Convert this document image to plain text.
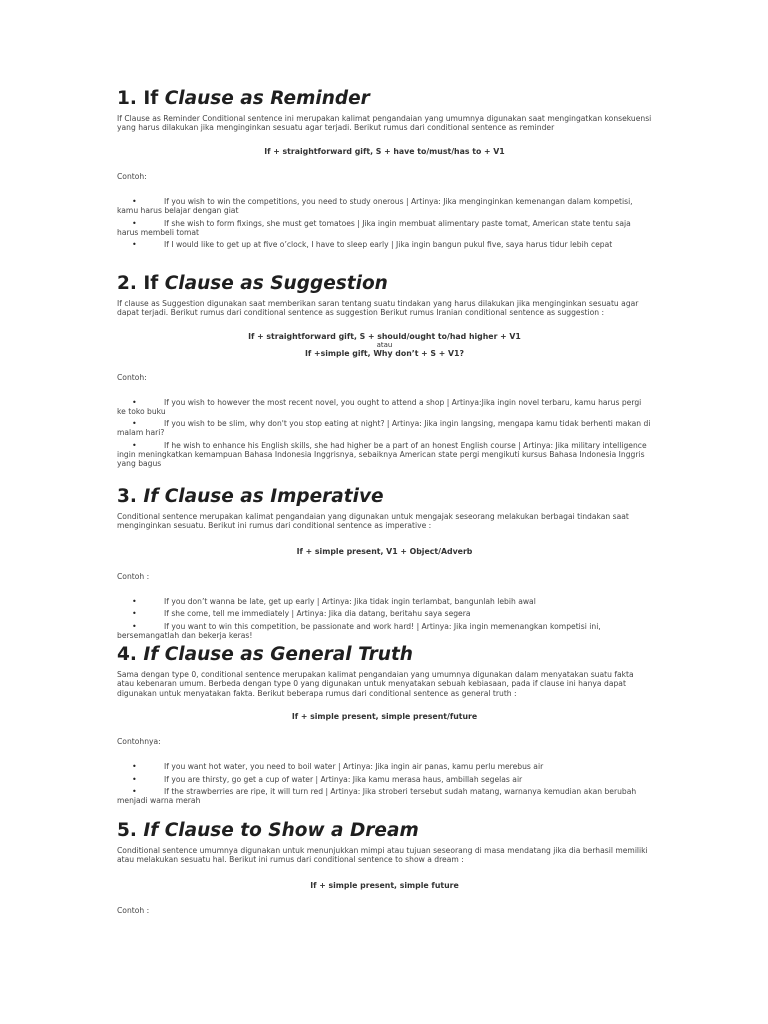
1. If Clause as Reminder

If Clause as Reminder Conditional sentence ini merupakan kalimat pengandaian yang umumnya digunakan saat mengingatkan konsekuensi yang harus dilakukan jika menginginkan sesuatu agar terjadi. Berikut rumus dari conditional sentence as reminder

If + straightforward gift, S + have to/must/has to + V1
Contoh:
•	If you wish to win the competitions, you need to study onerous | Artinya: Jika menginginkan kemenangan dalam kompetisi, kamu harus belajar dengan giat
•	If she wish to form fixings, she must get tomatoes | Jika ingin membuat alimentary paste tomat, American state tentu saja harus membeli tomat
•	If I would like to get up at five o’clock, I have to sleep early | Jika ingin bangun pukul five, saya harus tidur lebih cepat
2. If Clause as Suggestion

If clause as Suggestion digunakan saat memberikan saran tentang suatu tindakan yang harus dilakukan jika menginginkan sesuatu agar dapat terjadi. Berikut rumus dari conditional sentence as suggestion Berikut rumus Iranian conditional sentence as suggestion :

If + straightforward gift, S + should/ought to/had higher + V1
atau
If +simple gift, Why don’t + S + V1?
Contoh:
•	If you wish to however the most recent novel, you ought to attend a shop | Artinya:Jika ingin novel terbaru, kamu harus pergi ke toko buku
•	If you wish to be slim, why don't you stop eating at night? | Artinya: Jika ingin langsing, mengapa kamu tidak berhenti makan di malam hari?
•	If he wish to enhance his English skills, she had higher be a part of an honest English course | Artinya: Jika military intelligence ingin meningkatkan kemampuan Bahasa Indonesia Inggrisnya, sebaiknya American state pergi mengikuti kursus Bahasa Indonesia Inggris yang bagus
3. If Clause as Imperative

Conditional sentence merupakan kalimat pengandaian yang digunakan untuk mengajak seseorang melakukan berbagai tindakan saat menginginkan sesuatu. Berikut ini rumus dari conditional sentence as imperative :

If + simple present, V1 + Object/Adverb
Contoh :
•	If you don’t wanna be late, get up early | Artinya: Jika tidak ingin terlambat, bangunlah lebih awal
•	If she come, tell me immediately | Artinya: Jika dia datang, beritahu saya segera
•	If you want to win this competition, be passionate and work hard! | Artinya: Jika ingin memenangkan kompetisi ini, bersemangatlah dan bekerja keras!
4. If Clause as General Truth

Sama dengan type 0, conditional sentence merupakan kalimat pengandaian yang umumnya digunakan dalam menyatakan suatu fakta atau kebenaran umum. Berbeda dengan type 0 yang digunakan untuk menyatakan sebuah kebiasaan, pada if clause ini hanya dapat digunakan untuk menyatakan fakta. Berikut beberapa rumus dari conditional sentence as general truth :

If + simple present, simple present/future
Contohnya:
•	If you want hot water, you need to boil water | Artinya: Jika ingin air panas, kamu perlu merebus air
•	If you are thirsty, go get a cup of water | Artinya: Jika kamu merasa haus, ambillah segelas air
•	If the strawberries are ripe, it will turn red | Artinya: Jika stroberi tersebut sudah matang, warnanya kemudian akan berubah menjadi warna merah
5. If Clause to Show a Dream

Conditional sentence umumnya digunakan untuk menunjukkan mimpi atau tujuan seseorang di masa mendatang jika dia berhasil memiliki atau melakukan sesuatu hal. Berikut ini rumus dari conditional sentence to show a dream :

If + simple present, simple future
Contoh :
